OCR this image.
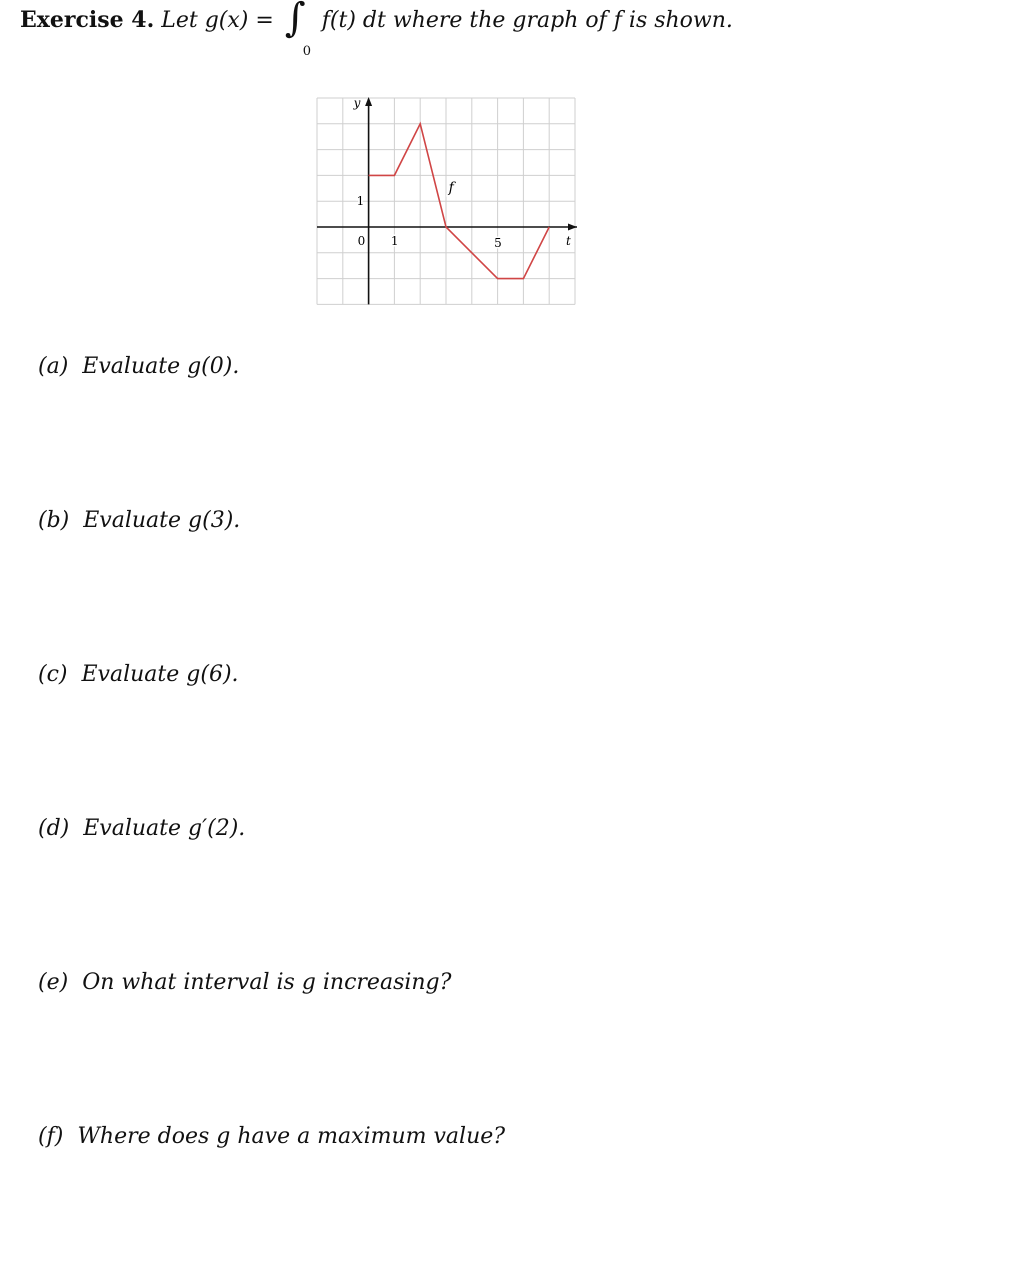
Exercise 4. Let g(x) = ∫
0
f(t) dt where the graph of f is shown.
y
t
f
0 1	5
1
(a) Evaluate g(0).
(b) Evaluate g(3).
(c) Evaluate g(6).
(d) Evaluate g′(2).
(e) On what interval is g increasing?
(f) Where does g have a maximum value?
